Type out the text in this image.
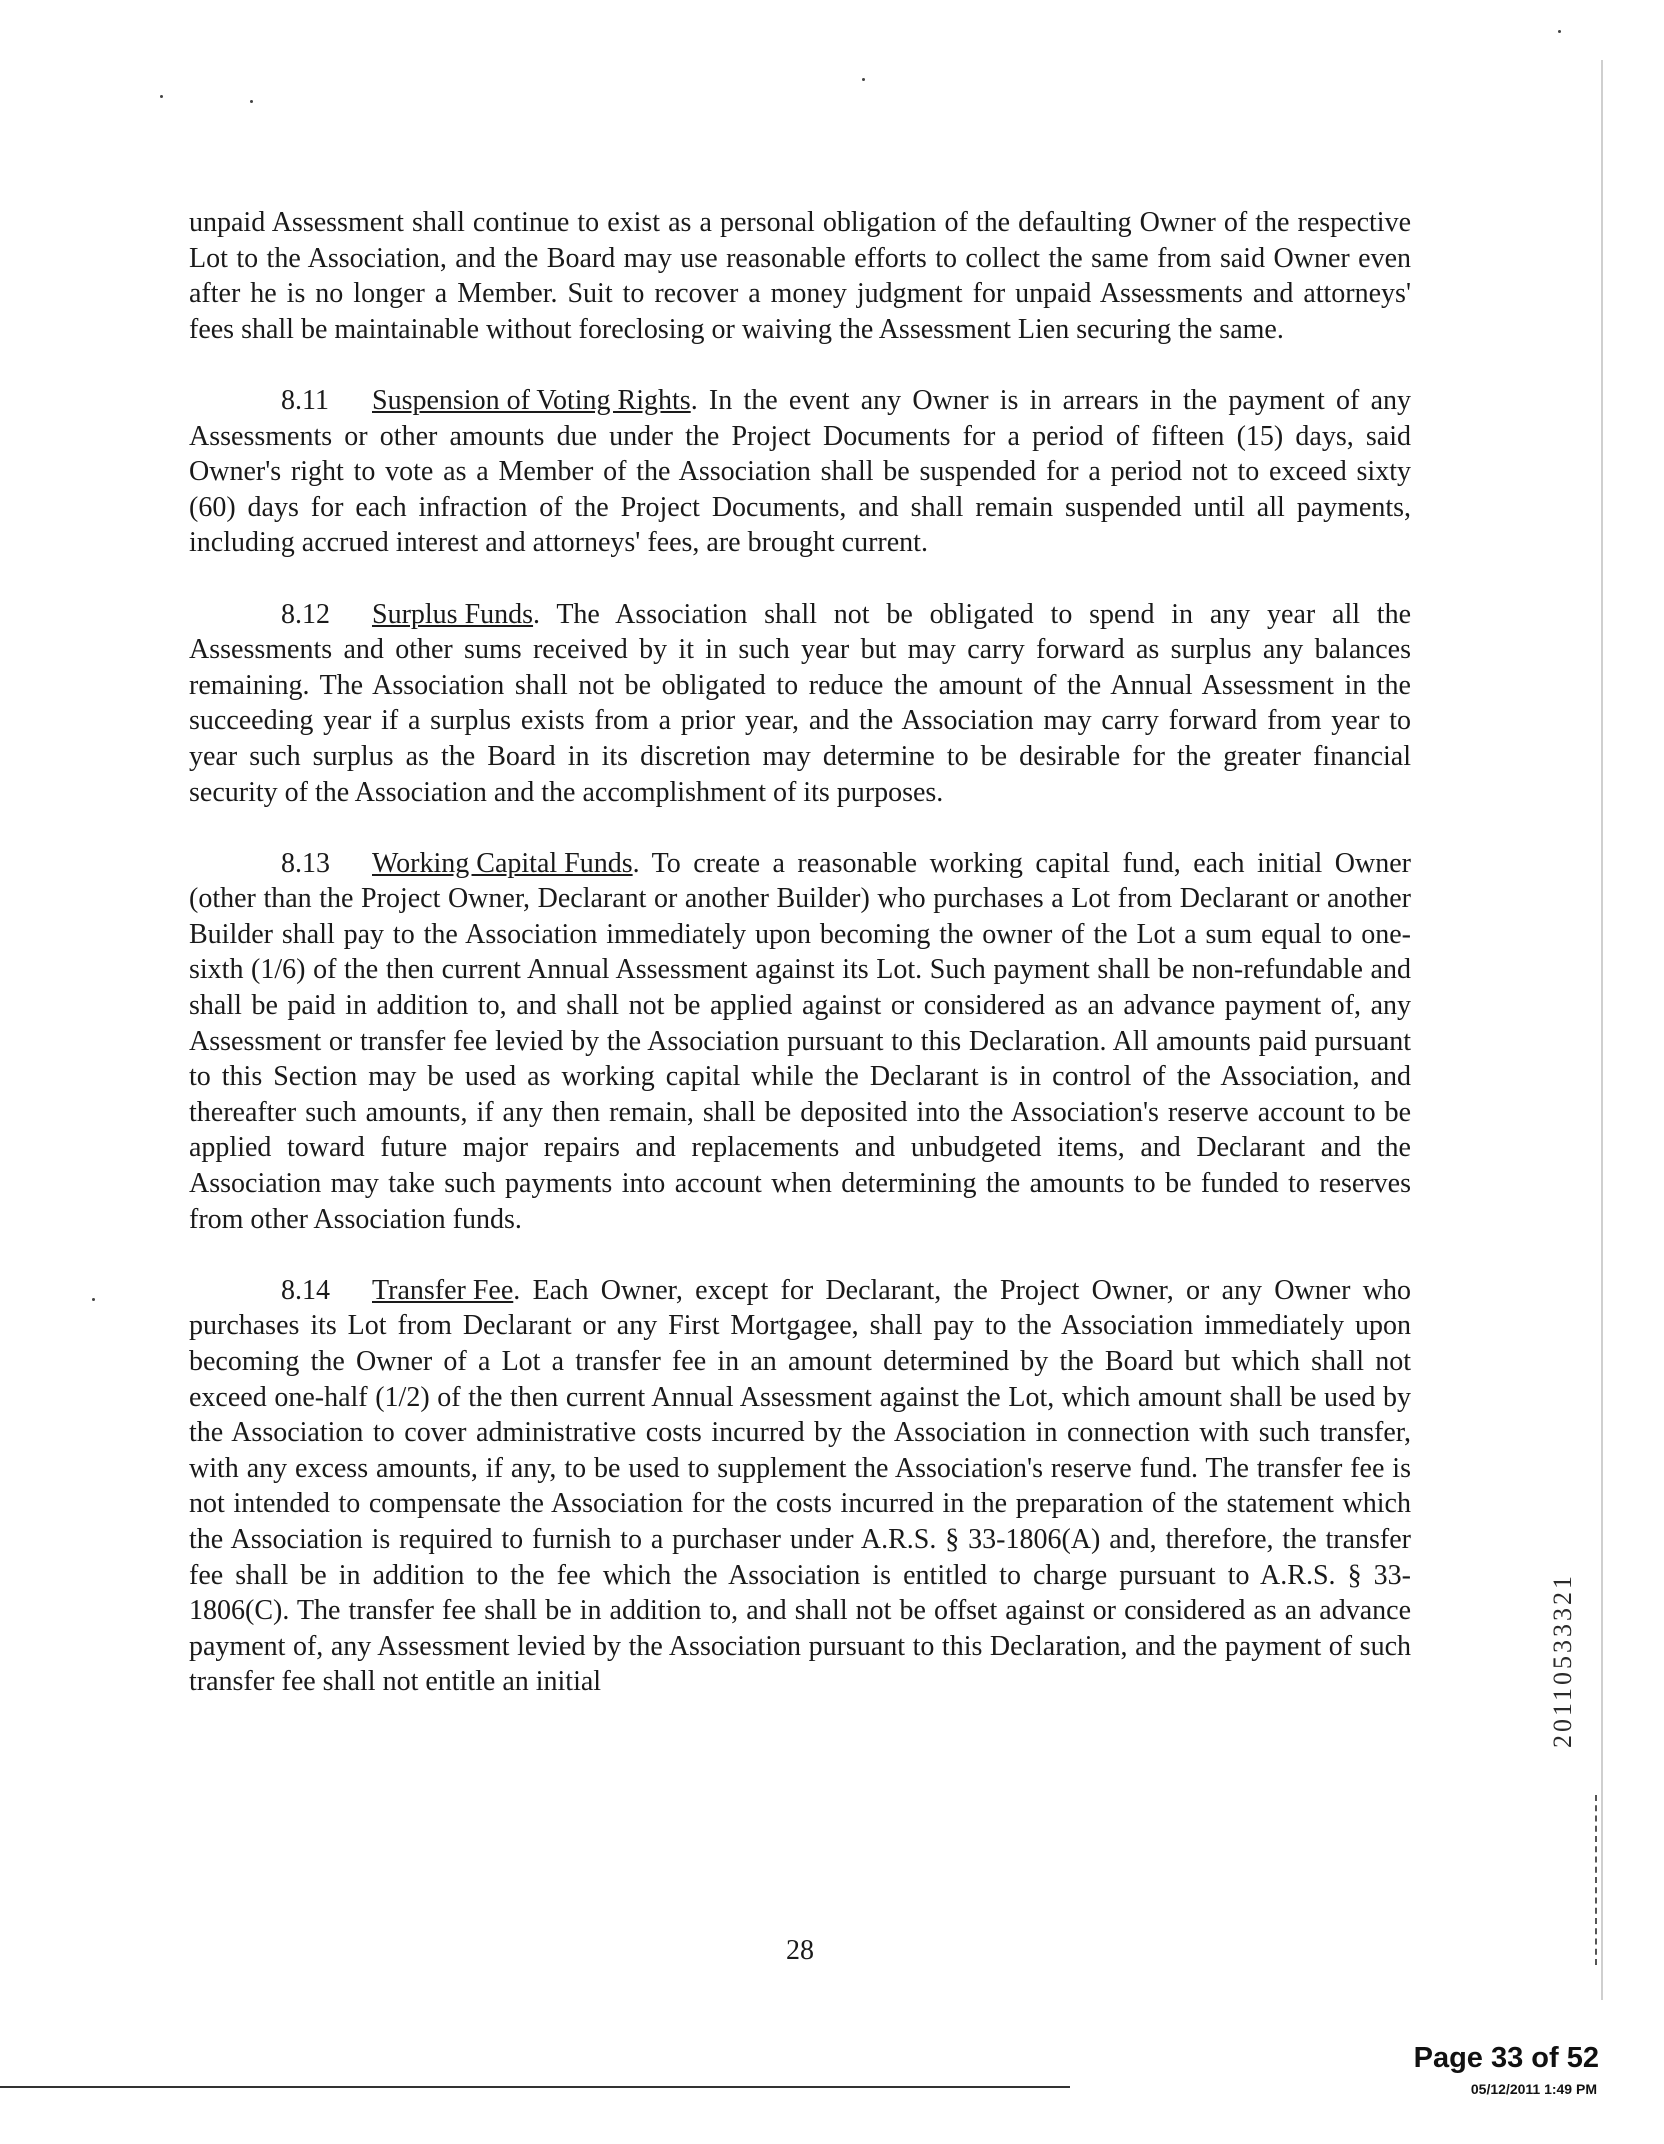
unpaid Assessment shall continue to exist as a personal obligation of the defaulting Owner of the respective Lot to the Association, and the Board may use reasonable efforts to collect the same from said Owner even after he is no longer a Member. Suit to recover a money judgment for unpaid Assessments and attorneys' fees shall be maintainable without foreclosing or waiving the Assessment Lien securing the same.

8.11 Suspension of Voting Rights. In the event any Owner is in arrears in the payment of any Assessments or other amounts due under the Project Documents for a period of fifteen (15) days, said Owner's right to vote as a Member of the Association shall be suspended for a period not to exceed sixty (60) days for each infraction of the Project Documents, and shall remain suspended until all payments, including accrued interest and attorneys' fees, are brought current.

8.12 Surplus Funds. The Association shall not be obligated to spend in any year all the Assessments and other sums received by it in such year but may carry forward as surplus any balances remaining. The Association shall not be obligated to reduce the amount of the Annual Assessment in the succeeding year if a surplus exists from a prior year, and the Association may carry forward from year to year such surplus as the Board in its discretion may determine to be desirable for the greater financial security of the Association and the accomplishment of its purposes.

8.13 Working Capital Funds. To create a reasonable working capital fund, each initial Owner (other than the Project Owner, Declarant or another Builder) who purchases a Lot from Declarant or another Builder shall pay to the Association immediately upon becoming the owner of the Lot a sum equal to one-sixth (1/6) of the then current Annual Assessment against its Lot. Such payment shall be non-refundable and shall be paid in addition to, and shall not be applied against or considered as an advance payment of, any Assessment or transfer fee levied by the Association pursuant to this Declaration. All amounts paid pursuant to this Section may be used as working capital while the Declarant is in control of the Association, and thereafter such amounts, if any then remain, shall be deposited into the Association's reserve account to be applied toward future major repairs and replacements and unbudgeted items, and Declarant and the Association may take such payments into account when determining the amounts to be funded to reserves from other Association funds.

8.14 Transfer Fee. Each Owner, except for Declarant, the Project Owner, or any Owner who purchases its Lot from Declarant or any First Mortgagee, shall pay to the Association immediately upon becoming the Owner of a Lot a transfer fee in an amount determined by the Board but which shall not exceed one-half (1/2) of the then current Annual Assessment against the Lot, which amount shall be used by the Association to cover administrative costs incurred by the Association in connection with such transfer, with any excess amounts, if any, to be used to supplement the Association's reserve fund. The transfer fee is not intended to compensate the Association for the costs incurred in the preparation of the statement which the Association is required to furnish to a purchaser under A.R.S. § 33-1806(A) and, therefore, the transfer fee shall be in addition to the fee which the Association is entitled to charge pursuant to A.R.S. § 33-1806(C). The transfer fee shall be in addition to, and shall not be offset against or considered as an advance payment of, any Assessment levied by the Association pursuant to this Declaration, and the payment of such transfer fee shall not entitle an initial

28
20110533321
Page 33 of 52
05/12/2011 1:49 PM
